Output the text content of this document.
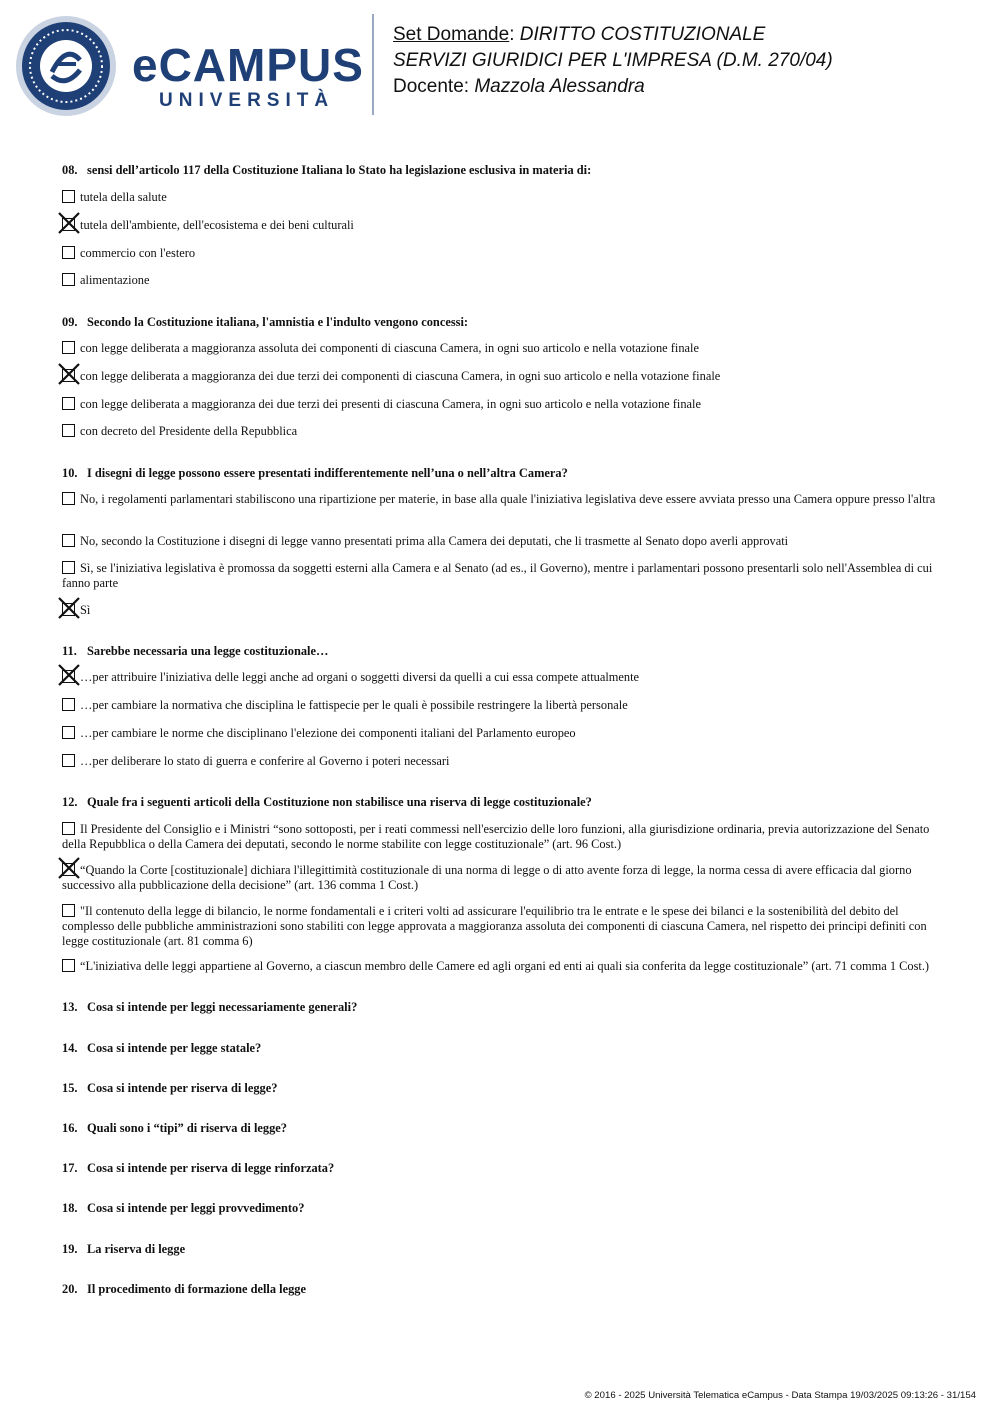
eCAMPUS
UNIVERSITÀ
Set Domande: DIRITTO COSTITUZIONALE
SERVIZI GIURIDICI PER L'IMPRESA (D.M. 270/04)
Docente: Mazzola Alessandra
08. sensi dell’articolo 117 della Costituzione Italiana lo Stato ha legislazione esclusiva in materia di:
tutela della salute
tutela dell'ambiente, dell'ecosistema e dei beni culturali
commercio con l'estero
alimentazione
09. Secondo la Costituzione italiana, l'amnistia e l'indulto vengono concessi:
con legge deliberata a maggioranza assoluta dei componenti di ciascuna Camera, in ogni suo articolo e nella votazione finale
con legge deliberata a maggioranza dei due terzi dei componenti di ciascuna Camera, in ogni suo articolo e nella votazione finale
con legge deliberata a maggioranza dei due terzi dei presenti di ciascuna Camera, in ogni suo articolo e nella votazione finale
con decreto del Presidente della Repubblica
10. I disegni di legge possono essere presentati indifferentemente nell’una o nell’altra Camera?
No, i regolamenti parlamentari stabiliscono una ripartizione per materie, in base alla quale l'iniziativa legislativa deve essere avviata presso una Camera oppure presso l'altra
No, secondo la Costituzione i disegni di legge vanno presentati prima alla Camera dei deputati, che li trasmette al Senato dopo averli approvati
Sì, se l'iniziativa legislativa è promossa da soggetti esterni alla Camera e al Senato (ad es., il Governo), mentre i parlamentari possono presentarli solo nell'Assemblea di cui fanno parte
Sì
11. Sarebbe necessaria una legge costituzionale…
…per attribuire l'iniziativa delle leggi anche ad organi o soggetti diversi da quelli a cui essa compete attualmente
…per cambiare la normativa che disciplina le fattispecie per le quali è possibile restringere la libertà personale
…per cambiare le norme che disciplinano l'elezione dei componenti italiani del Parlamento europeo
…per deliberare lo stato di guerra e conferire al Governo i poteri necessari
12. Quale fra i seguenti articoli della Costituzione non stabilisce una riserva di legge costituzionale?
Il Presidente del Consiglio e i Ministri “sono sottoposti, per i reati commessi nell'esercizio delle loro funzioni, alla giurisdizione ordinaria, previa autorizzazione del Senato della Repubblica o della Camera dei deputati, secondo le norme stabilite con legge costituzionale” (art. 96 Cost.)
“Quando la Corte [costituzionale] dichiara l'illegittimità costituzionale di una norma di legge o di atto avente forza di legge, la norma cessa di avere efficacia dal giorno successivo alla pubblicazione della decisione” (art. 136 comma 1 Cost.)
"Il contenuto della legge di bilancio, le norme fondamentali e i criteri volti ad assicurare l'equilibrio tra le entrate e le spese dei bilanci e la sostenibilità del debito del complesso delle pubbliche amministrazioni sono stabiliti con legge approvata a maggioranza assoluta dei componenti di ciascuna Camera, nel rispetto dei principi definiti con legge costituzionale (art. 81 comma 6)
“L'iniziativa delle leggi appartiene al Governo, a ciascun membro delle Camere ed agli organi ed enti ai quali sia conferita da legge costituzionale” (art. 71 comma 1 Cost.)
13. Cosa si intende per leggi necessariamente generali?
14. Cosa si intende per legge statale?
15. Cosa si intende per riserva di legge?
16. Quali sono i “tipi” di riserva di legge?
17. Cosa si intende per riserva di legge rinforzata?
18. Cosa si intende per leggi provvedimento?
19. La riserva di legge
20. Il procedimento di formazione della legge
© 2016 - 2025 Università Telematica eCampus - Data Stampa 19/03/2025 09:13:26 - 31/154
